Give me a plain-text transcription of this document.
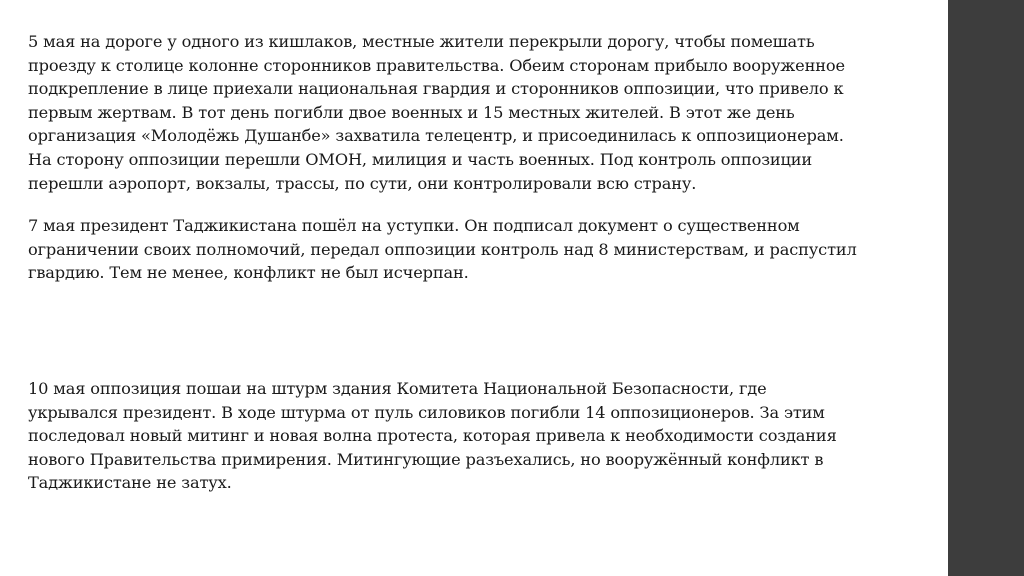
5 мая на дороге у одного из кишлаков, местные жители перекрыли дорогу, чтобы помешать
проезду к столице колонне сторонников правительства. Обеим сторонам прибыло вооруженное
подкрепление в лице приехали национальная гвардия и сторонников оппозиции, что привело к
первым жертвам. В тот день погибли двое военных и 15 местных жителей. В этот же день
организация «Молодёжь Душанбе» захватила телецентр, и присоединилась к оппозиционерам.
На сторону оппозиции перешли ОМОН, милиция и часть военных. Под контроль оппозиции
перешли аэропорт, вокзалы, трассы, по сути, они контролировали всю страну.

7 мая президент Таджикистана пошёл на уступки. Он подписал документ о существенном
ограничении своих полномочий, передал оппозиции контроль над 8 министерствам, и распустил
гвардию. Тем не менее, конфликт не был исчерпан.

10 мая оппозиция пошаи на штурм здания Комитета Национальной Безопасности, где
укрывался президент. В ходе штурма от пуль силовиков погибли 14 оппозиционеров. За этим
последовал новый митинг и новая волна протеста, которая привела к необходимости создания
нового Правительства примирения. Митингующие разъехались, но вооружённый конфликт в
Таджикистане не затух.
